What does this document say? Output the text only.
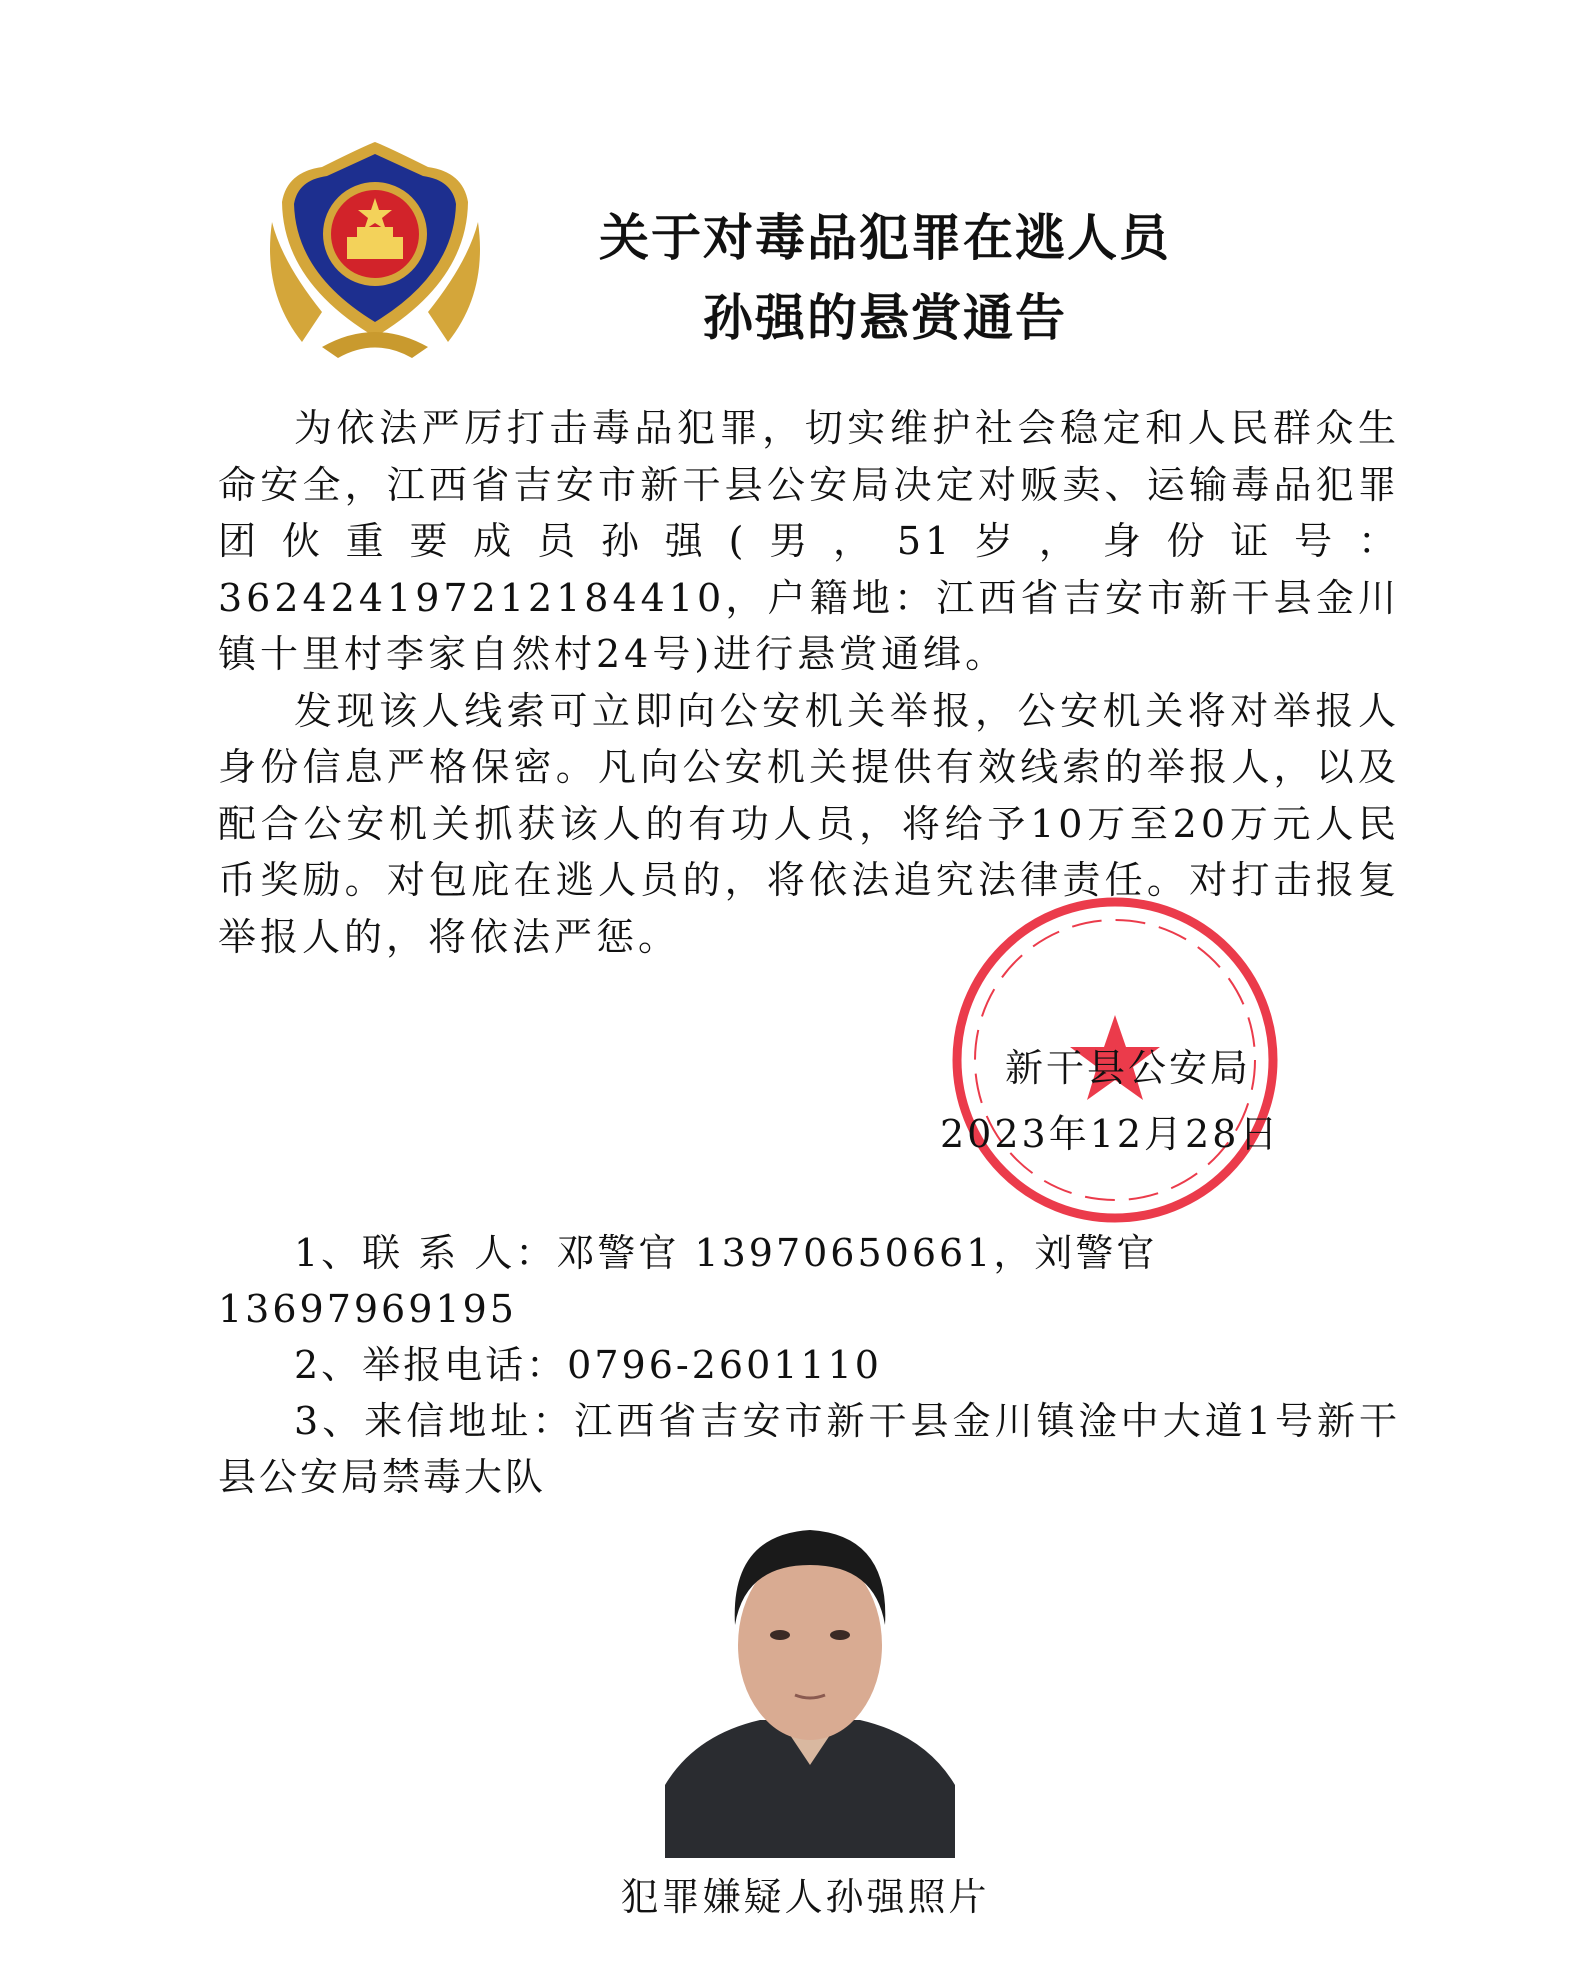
关于对毒品犯罪在逃人员
孙强的悬赏通告

为依法严厉打击毒品犯罪，切实维护社会稳定和人民群众生命安全，江西省吉安市新干县公安局决定对贩卖、运输毒品犯罪团伙重要成员孙强(男，51岁，身份证号：362424197212184410，户籍地：江西省吉安市新干县金川镇十里村李家自然村24号)进行悬赏通缉。

发现该人线索可立即向公安机关举报，公安机关将对举报人身份信息严格保密。凡向公安机关提供有效线索的举报人，以及配合公安机关抓获该人的有功人员，将给予10万至20万元人民币奖励。对包庇在逃人员的，将依法追究法律责任。对打击报复举报人的，将依法严惩。

新干县公安局
2023年12月28日
1、联 系 人：邓警官 13970650661，刘警官 13697969195
2、举报电话：0796-2601110
3、来信地址：江西省吉安市新干县金川镇淦中大道1号新干县公安局禁毒大队
犯罪嫌疑人孙强照片
